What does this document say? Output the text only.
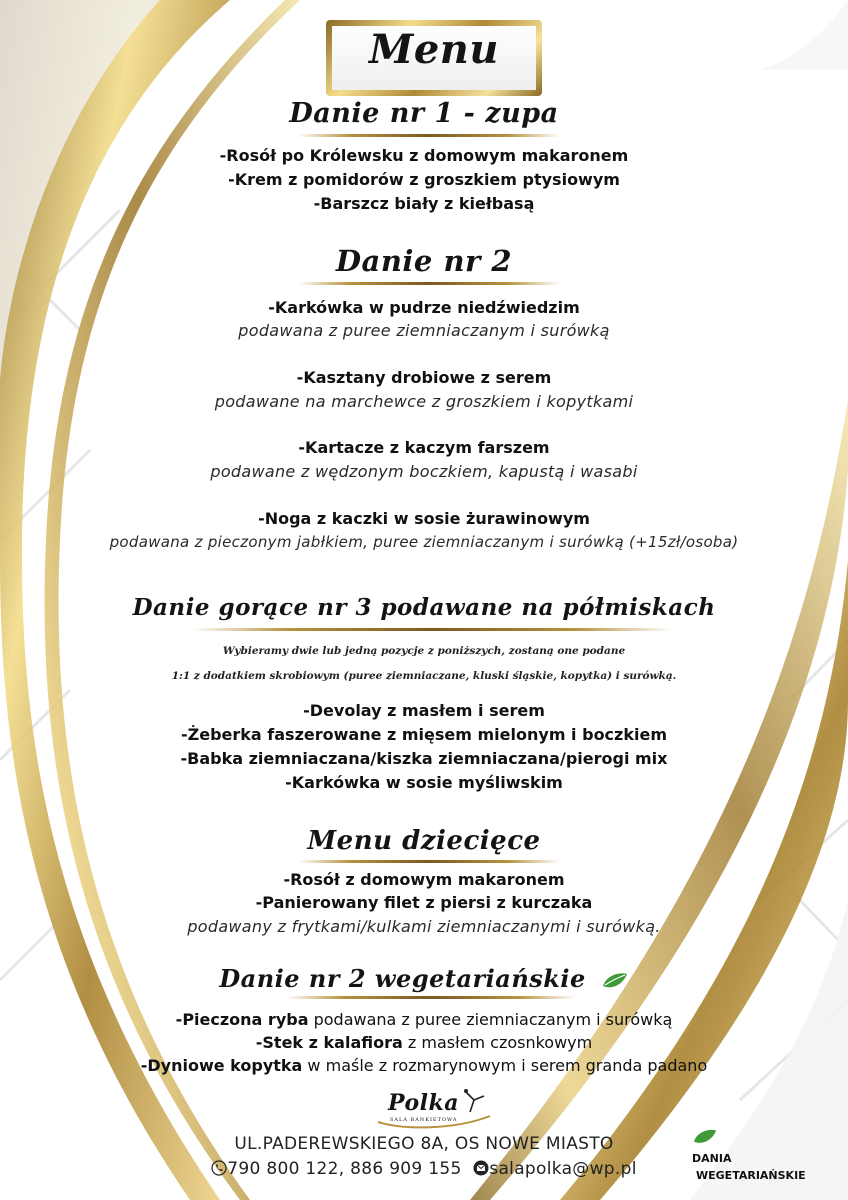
Menu
Danie nr 1 - zupa
-Rosół po Królewsku z domowym makaronem
-Krem z pomidorów z groszkiem ptysiowym
-Barszcz biały z kiełbasą
Danie nr 2
-Karkówka w pudrze niedźwiedzim
podawana z puree ziemniaczanym i surówką
-Kasztany drobiowe z serem
podawane na marchewce z groszkiem i kopytkami
-Kartacze z kaczym farszem
podawane z wędzonym boczkiem, kapustą i wasabi
-Noga z kaczki w sosie żurawinowym
podawana z pieczonym jabłkiem, puree ziemniaczanym i surówką (+15zł/osoba)
Danie gorące nr 3 podawane na półmiskach
Wybieramy dwie lub jedną pozycje z poniższych, zostaną one podane
1:1 z dodatkiem skrobiowym (puree ziemniaczane, kluski śląskie, kopytka) i surówką.
-Devolay z masłem i serem
-Żeberka faszerowane z mięsem mielonym i boczkiem
-Babka ziemniaczana/kiszka ziemniaczana/pierogi mix
-Karkówka w sosie myśliwskim
Menu dziecięce
-Rosół z domowym makaronem
-Panierowany filet z piersi z kurczaka
podawany z frytkami/kulkami ziemniaczanymi i surówką.
Danie nr 2 wegetariańskie
-Pieczona ryba podawana z puree ziemniaczanym i surówką
-Stek z kalafiora z masłem czosnkowym
-Dyniowe kopytka w maśle z rozmarynowym i serem granda padano
Polka
SALA BANKIETOWA
UL.PADEREWSKIEGO 8A, OS NOWE MIASTO
790 800 122, 886 909 155 salapolka@wp.pl
DANIA
WEGETARIAŃSKIE
